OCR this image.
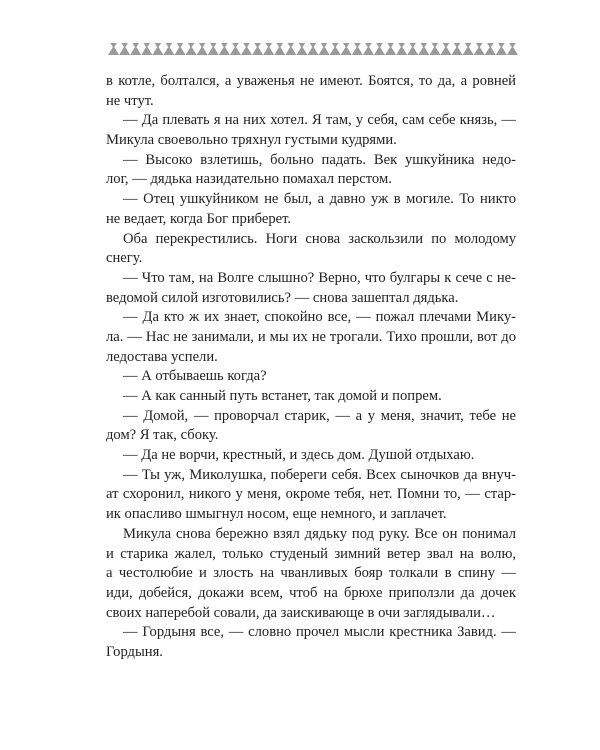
в котле, болтался, а уваженья не имеют. Боятся, то да, а ровней
не чтут.
— Да плевать я на них хотел. Я там, у себя, сам себе князь, —
Микула своевольно тряхнул густыми кудрями.
— Высоко взлетишь, больно падать. Век ушкуйника недо-
лог, — дядька назидательно помахал перстом.
— Отец ушкуйником не был, а давно уж в могиле. То никто
не ведает, когда Бог приберет.
Оба перекрестились. Ноги снова заскользили по молодому
снегу.
— Что там, на Волге слышно? Верно, что булгары к сече с не-
ведомой силой изготовились? — снова зашептал дядька.
— Да кто ж их знает, спокойно все, — пожал плечами Мику-
ла. — Нас не занимали, и мы их не трогали. Тихо прошли, вот до
ледостава успели.
— А отбываешь когда?
— А как санный путь встанет, так домой и попрем.
— Домой, — проворчал старик, — а у меня, значит, тебе не
дом? Я так, сбоку.
— Да не ворчи, крестный, и здесь дом. Душой отдыхаю.
— Ты уж, Миколушка, побереги себя. Всех сыночков да внуч-
ат схоронил, никого у меня, окроме тебя, нет. Помни то, — стар-
ик опасливо шмыгнул носом, еще немного, и заплачет.
Микула снова бережно взял дядьку под руку. Все он понимал
и старика жалел, только студеный зимний ветер звал на волю,
а честолюбие и злость на чванливых бояр толкали в спину —
иди, добейся, докажи всем, чтоб на брюхе приползли да дочек
своих наперебой совали, да заискивающе в очи заглядывали…
— Гордыня все, — словно прочел мысли крестника Завид. —
Гордыня.
